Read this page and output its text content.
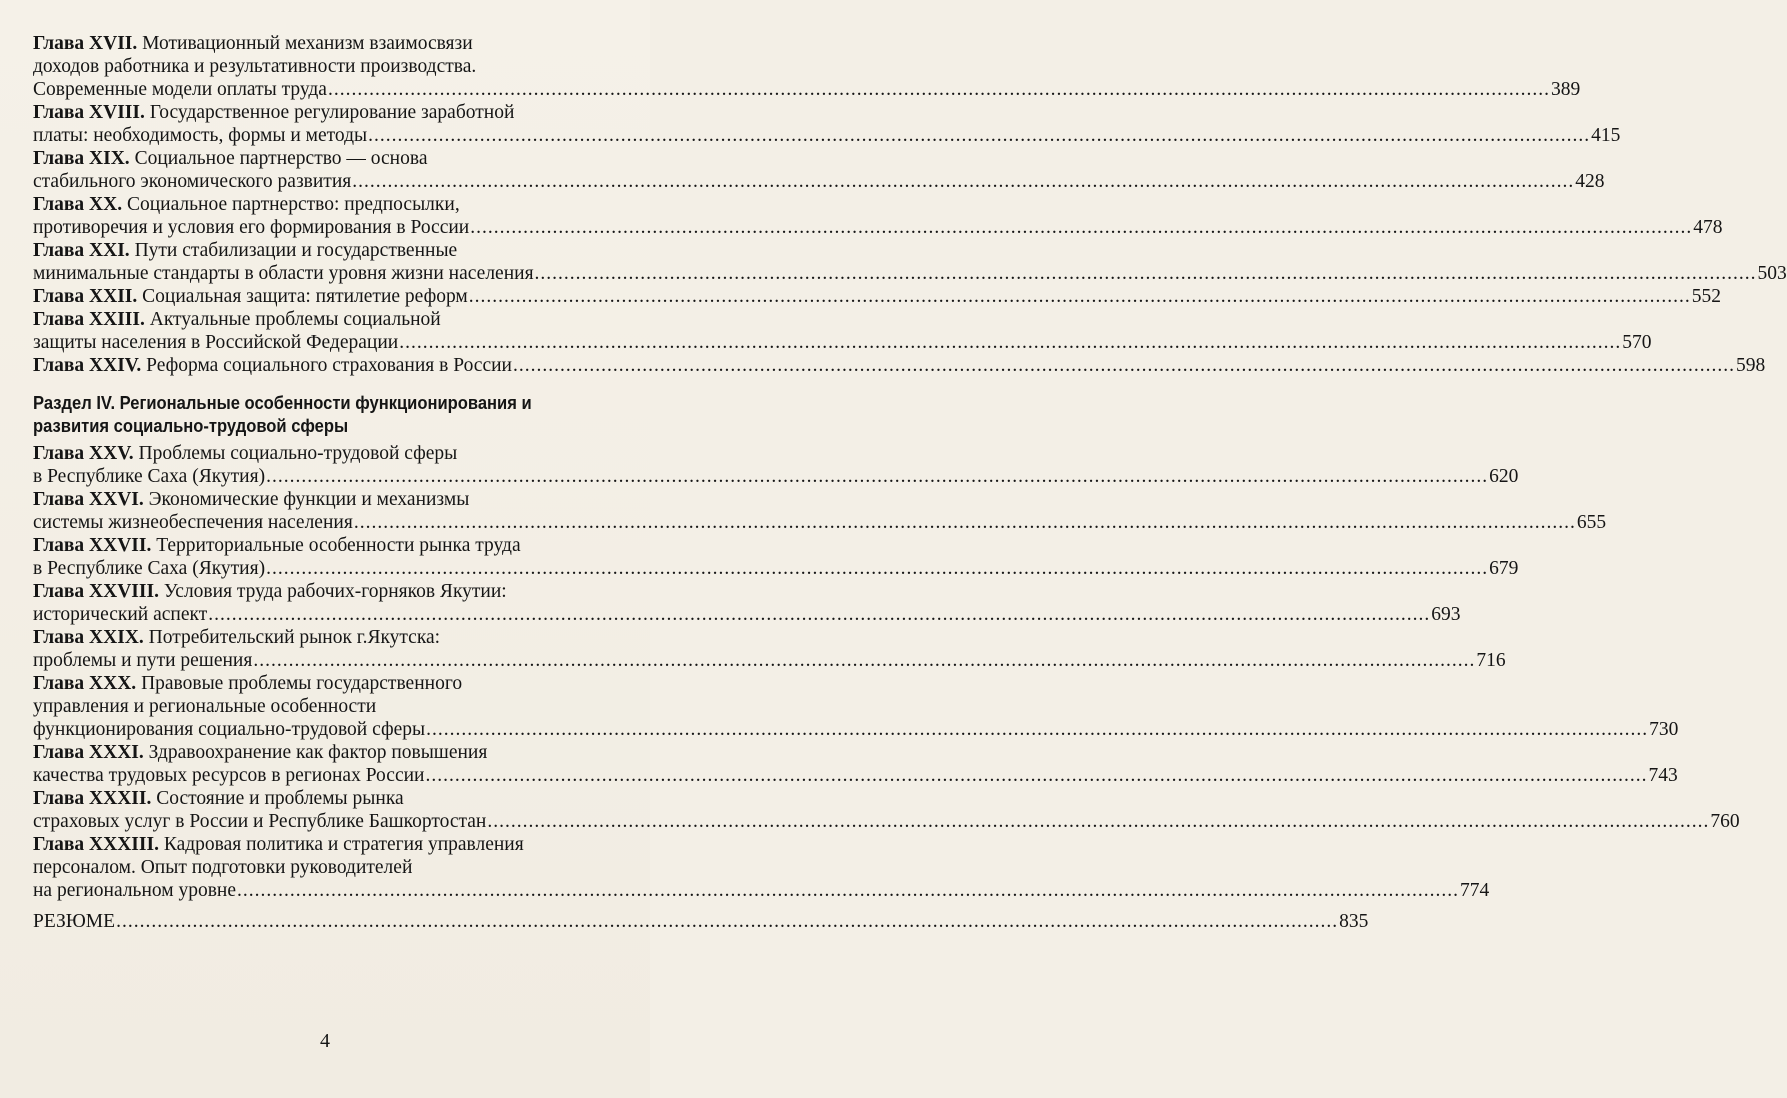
Глава XVII. Мотивационный механизм взаимосвязи
доходов работника и результативности производства.
Современные модели оплаты труда .....	389
Глава XVIII. Государственное регулирование заработной
платы: необходимость, формы и методы .....	415
Глава XIX. Социальное партнерство — основа
стабильного экономического развития .....	428
Глава XX. Социальное партнерство: предпосылки,
противоречия и условия его формирования в России .....	478
Глава XXI. Пути стабилизации и государственные
минимальные стандарты в области уровня жизни населения .....	503
Глава XXII. Социальная защита: пятилетие реформ .....	552
Глава XXIII. Актуальные проблемы социальной
защиты населения в Российской Федерации .....	570
Глава XXIV. Реформа социального страхования в России .....	598
Раздел IV. Региональные особенности функционирования и
развития социально-трудовой сферы
Глава XXV. Проблемы социально-трудовой сферы
в Республике Саха (Якутия) .....	620
Глава XXVI. Экономические функции и механизмы
системы жизнеобеспечения населения .....	655
Глава XXVII. Территориальные особенности рынка труда
в Республике Саха (Якутия) .....	679
Глава XXVIII. Условия труда рабочих-горняков Якутии:
исторический аспект .....	693
Глава XXIX. Потребительский рынок г.Якутска:
проблемы и пути решения .....	716
Глава XXX. Правовые проблемы государственного
управления и региональные особенности
функционирования социально-трудовой сферы .....	730
Глава XXXI. Здравоохранение как фактор повышения
качества трудовых ресурсов в регионах России .....	743
Глава XXXII. Состояние и проблемы рынка
страховых услуг в России и Республике Башкортостан .....	760
Глава XXXIII. Кадровая политика и стратегия управления
персоналом. Опыт подготовки руководителей
на региональном уровне .....	774
РЕЗЮМЕ .....	835
4
